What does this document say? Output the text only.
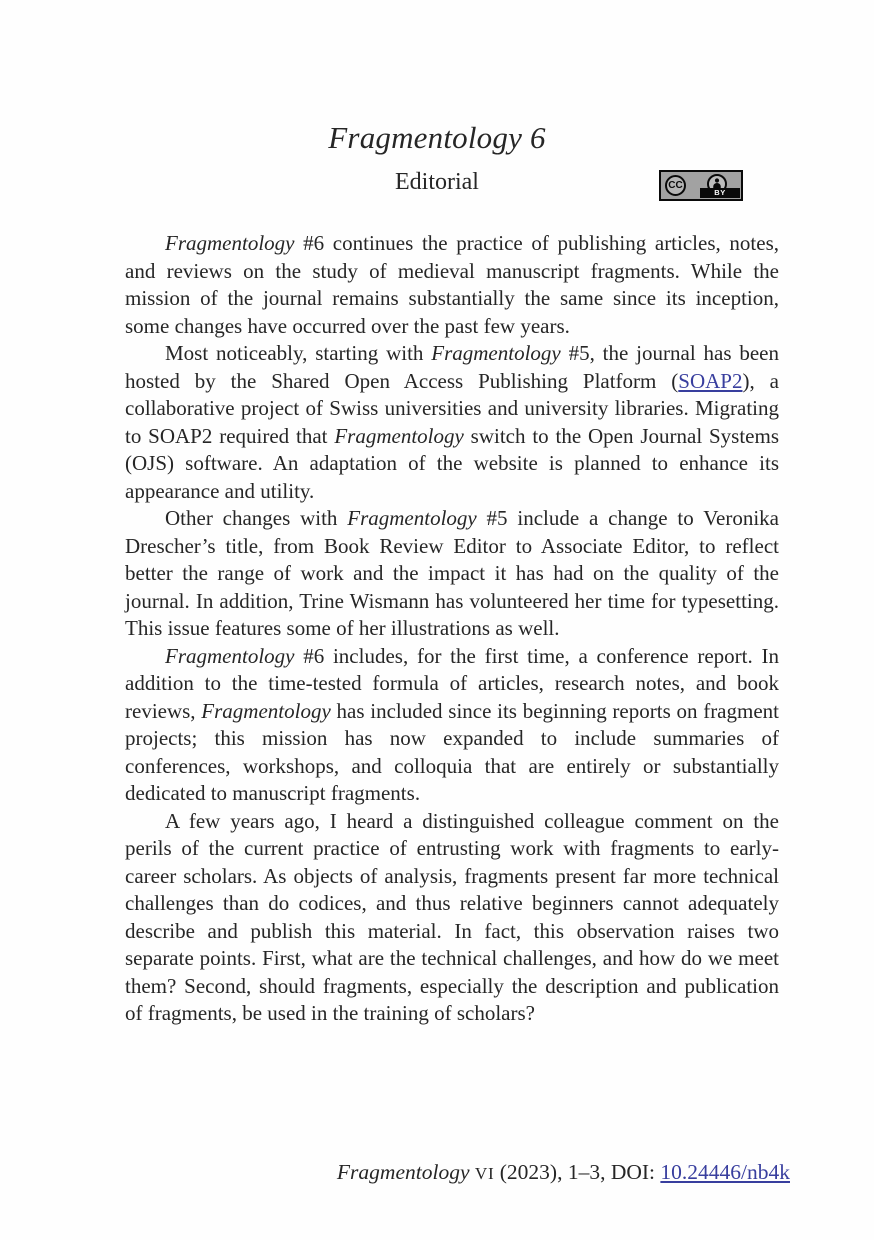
Fragmentology 6
Editorial	CC
BY

Fragmentology #6 continues the practice of publishing articles, notes, and reviews on the study of medieval manuscript fragments. While the mission of the journal remains substantially the same since its inception, some changes have occurred over the past few years.

Most noticeably, starting with Fragmentology #5, the journal has been hosted by the Shared Open Access Publishing Platform (SOAP2), a collaborative project of Swiss universities and university libraries. Migrating to SOAP2 required that Fragmentology switch to the Open Journal Systems (OJS) software. An adaptation of the website is planned to enhance its appearance and utility.

Other changes with Fragmentology #5 include a change to Veronika Drescher’s title, from Book Review Editor to Associate Editor, to reflect better the range of work and the impact it has had on the quality of the journal. In addition, Trine Wismann has volunteered her time for typesetting. This issue features some of her illustrations as well.

Fragmentology #6 includes, for the first time, a conference report. In addition to the time-tested formula of articles, research notes, and book reviews, Fragmentology has included since its beginning reports on fragment projects; this mission has now expanded to include summaries of conferences, workshops, and colloquia that are entirely or substantially dedicated to manuscript fragments.

A few years ago, I heard a distinguished colleague comment on the perils of the current practice of entrusting work with fragments to early-career scholars. As objects of analysis, fragments present far more technical challenges than do codices, and thus relative beginners cannot adequately describe and publish this material. In fact, this observation raises two separate points. First, what are the technical challenges, and how do we meet them? Second, should fragments, especially the description and publication of fragments, be used in the training of scholars?

Fragmentology VI (2023), 1–3, DOI: 10.24446/nb4k
